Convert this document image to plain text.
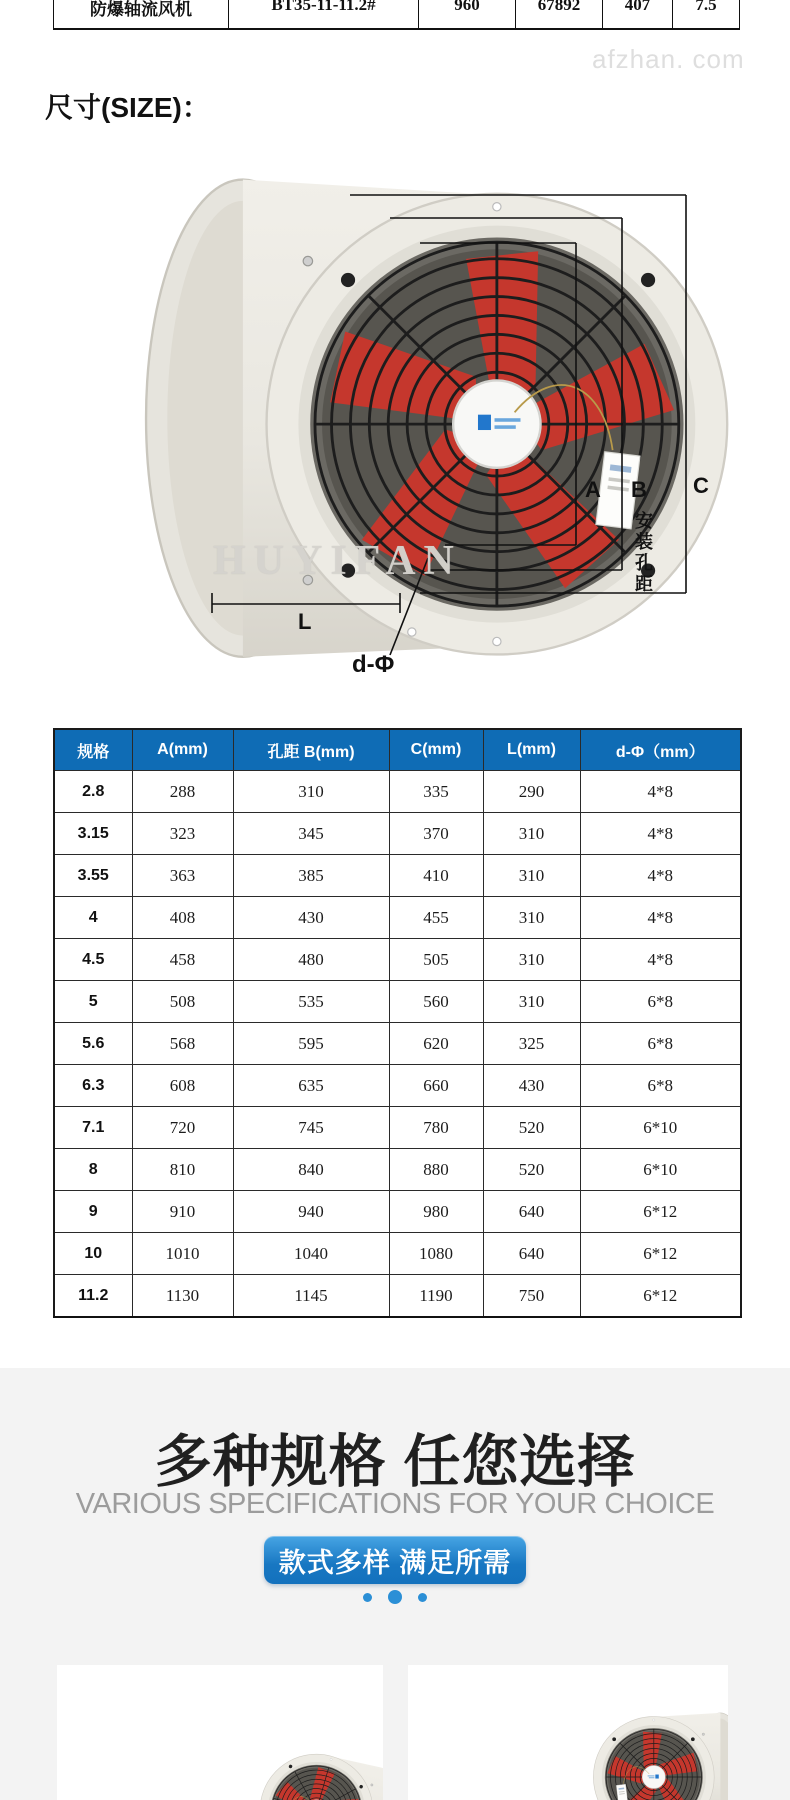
防爆轴流风机	BT35-11-11.2#	960	67892	407	7.5
afzhan. com
尺寸(SIZE)：
A B C
安装孔距
L
d-Φ
HUYIFAN
规格	A(mm)	孔距 B(mm)	C(mm)	L(mm)	d-Φ（mm）
2.8	288	310	335	290	4*8
3.15	323	345	370	310	4*8
3.55	363	385	410	310	4*8
4	408	430	455	310	4*8
4.5	458	480	505	310	4*8
5	508	535	560	310	6*8
5.6	568	595	620	325	6*8
6.3	608	635	660	430	6*8
7.1	720	745	780	520	6*10
8	810	840	880	520	6*10
9	910	940	980	640	6*12
10	1010	1040	1080	640	6*12
11.2	1130	1145	1190	750	6*12
多种规格 任您选择
VARIOUS SPECIFICATIONS FOR YOUR CHOICE
款式多样 满足所需
